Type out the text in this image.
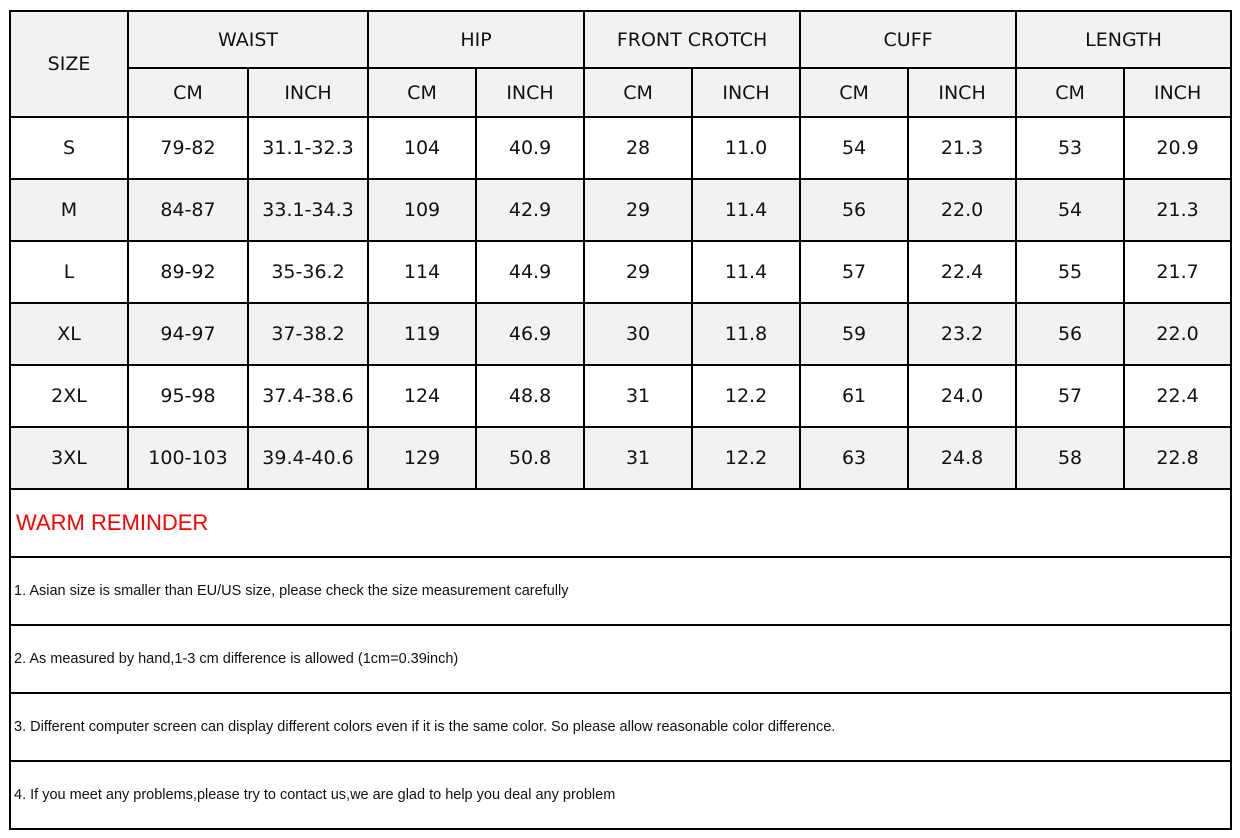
SIZE	WAIST		HIP		FRONT CROTCH		CUFF		LENGTH	
	CM	INCH	CM	INCH	CM	INCH	CM	INCH	CM	INCH
S	79-82	31.1-32.3	104	40.9	28	11.0	54	21.3	53	20.9
M	84-87	33.1-34.3	109	42.9	29	11.4	56	22.0	54	21.3
L	89-92	35-36.2	114	44.9	29	11.4	57	22.4	55	21.7
XL	94-97	37-38.2	119	46.9	30	11.8	59	23.2	56	22.0
2XL	95-98	37.4-38.6	124	48.8	31	12.2	61	24.0	57	22.4
3XL	100-103	39.4-40.6	129	50.8	31	12.2	63	24.8	58	22.8
WARM REMINDER										
1. Asian size is smaller than EU/US size, please check the size measurement carefully										
2. As measured by hand,1-3 cm difference is allowed (1cm=0.39inch)										
3. Different computer screen can display different colors even if it is the same color. So please allow reasonable color difference.										
4. If you meet any problems,please try to contact us,we are glad to help you deal any problem										
